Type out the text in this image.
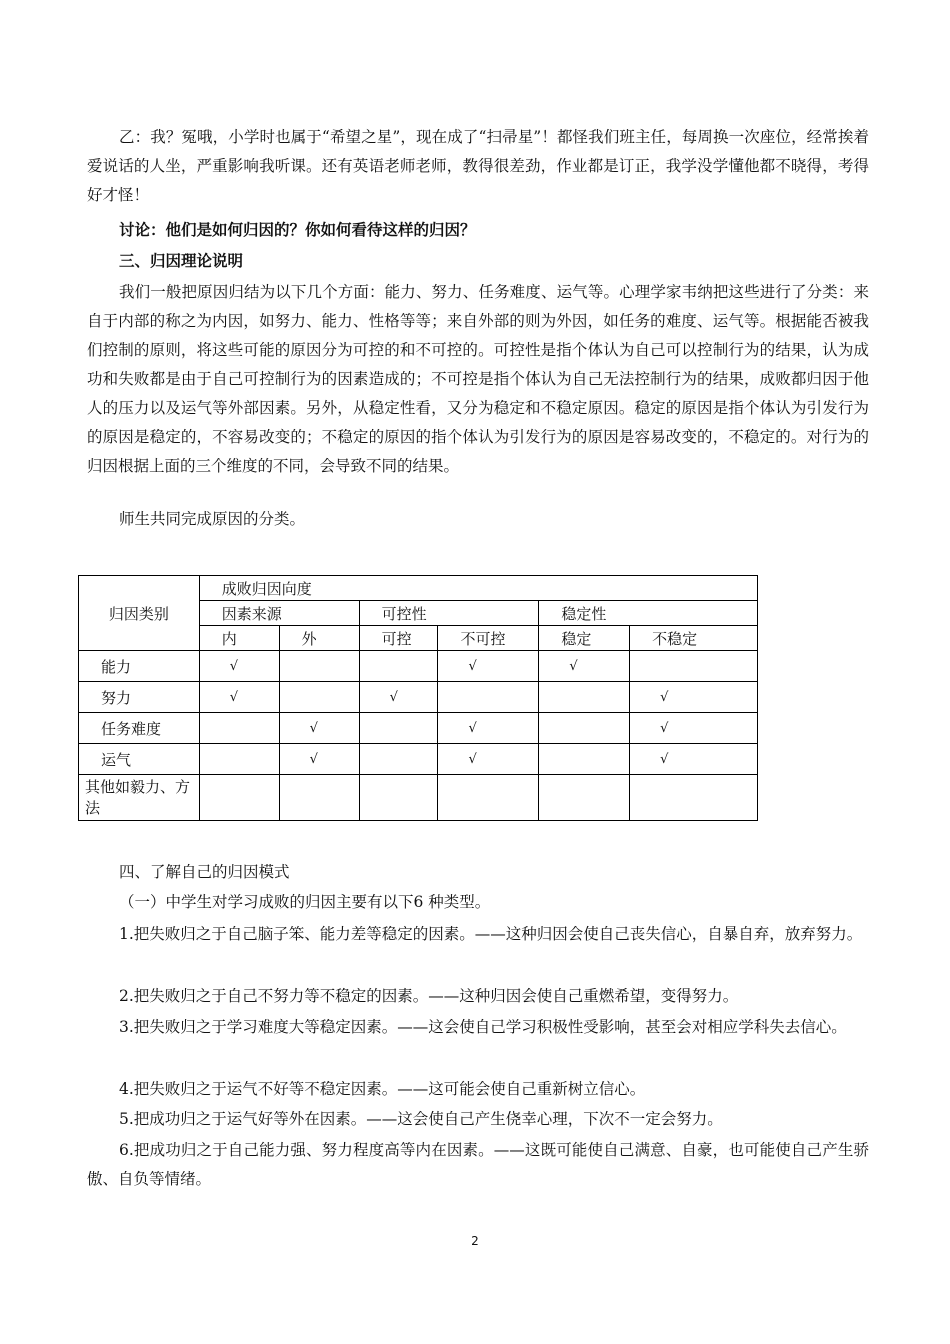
乙：我？冤哦，小学时也属于“希望之星”，现在成了“扫帚星”！都怪我们班主任，每周换一次座位，经常挨着爱说话的人坐，严重影响我听课。还有英语老师老师，教得很差劲，作业都是订正，我学没学懂他都不晓得，考得好才怪！

讨论：他们是如何归因的？你如何看待这样的归因？

三、归因理论说明

我们一般把原因归结为以下几个方面：能力、努力、任务难度、运气等。心理学家韦纳把这些进行了分类：来自于内部的称之为内因，如努力、能力、性格等等；来自外部的则为外因，如任务的难度、运气等。根据能否被我们控制的原则，将这些可能的原因分为可控的和不可控的。可控性是指个体认为自己可以控制行为的结果，认为成功和失败都是由于自己可控制行为的因素造成的；不可控是指个体认为自己无法控制行为的结果，成败都归因于他人的压力以及运气等外部因素。另外，从稳定性看，又分为稳定和不稳定原因。稳定的原因是指个体认为引发行为的原因是稳定的，不容易改变的；不稳定的原因的指个体认为引发行为的原因是容易改变的，不稳定的。对行为的归因根据上面的三个维度的不同，会导致不同的结果。

师生共同完成原因的分类。

归因类别	成败归因向度					
	因素来源		可控性		稳定性	
	内	外	可控	不可控	稳定	不稳定
能力	√			√	√	
努力	√		√			√
任务难度		√		√		√
运气		√		√		√
其他如毅力、方法						

四、了解自己的归因模式

（一）中学生对学习成败的归因主要有以下6 种类型。

1.把失败归之于自己脑子笨、能力差等稳定的因素。——这种归因会使自己丧失信心，自暴自弃，放弃努力。

2.把失败归之于自己不努力等不稳定的因素。——这种归因会使自己重燃希望，变得努力。

3.把失败归之于学习难度大等稳定因素。——这会使自己学习积极性受影响，甚至会对相应学科失去信心。

4.把失败归之于运气不好等不稳定因素。——这可能会使自己重新树立信心。

5.把成功归之于运气好等外在因素。——这会使自己产生侥幸心理，下次不一定会努力。

6.把成功归之于自己能力强、努力程度高等内在因素。——这既可能使自己满意、自豪，也可能使自己产生骄傲、自负等情绪。

2
